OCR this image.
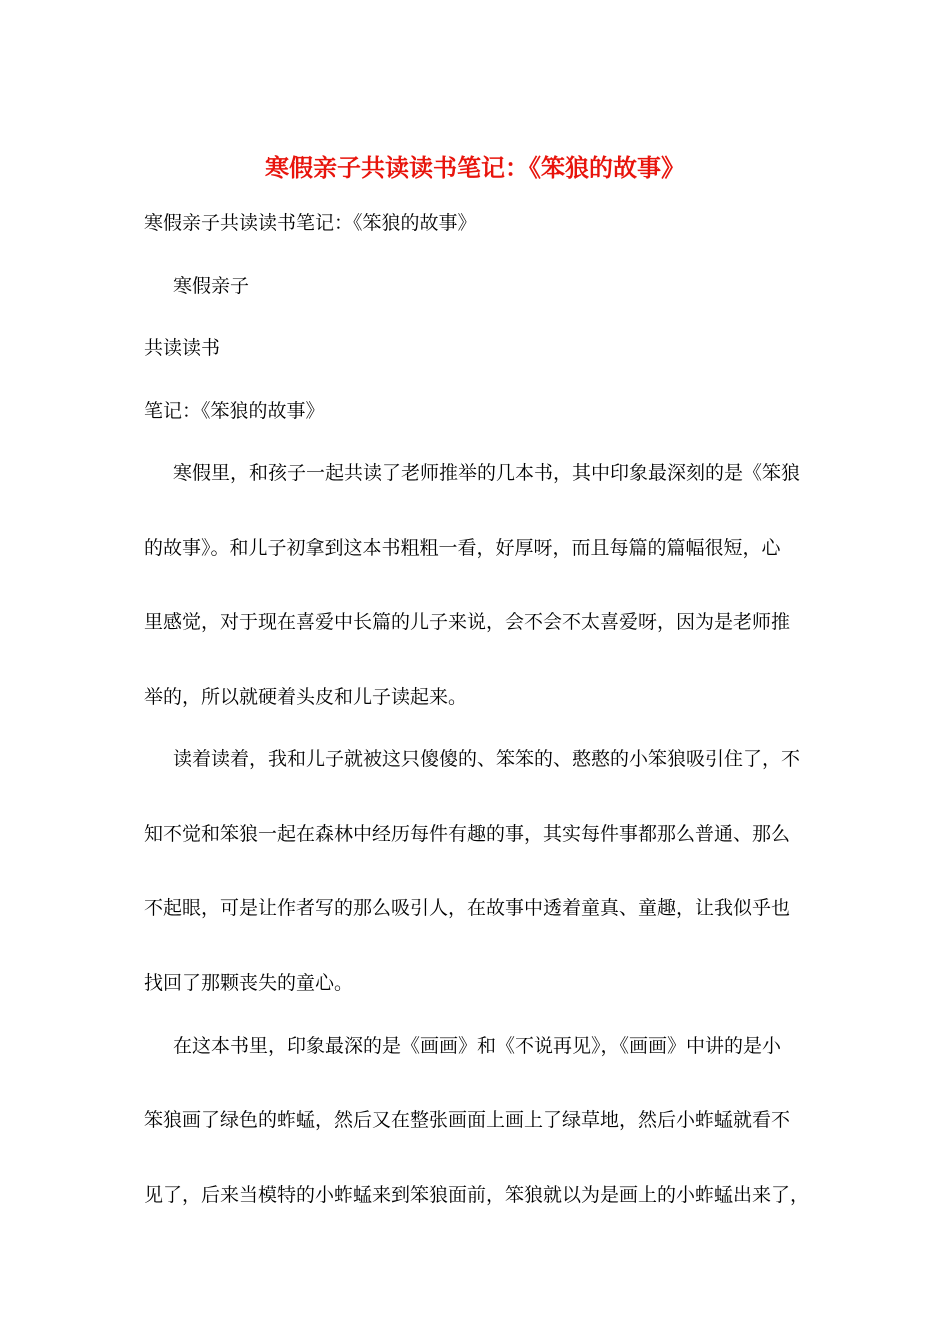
寒假亲子共读读书笔记：《笨狼的故事》
寒假亲子共读读书笔记：《笨狼的故事》
寒假亲子
共读读书
笔记：《笨狼的故事》
寒假里，和孩子一起共读了老师推举的几本书，其中印象最深刻的是《笨狼
的故事》。和儿子初拿到这本书粗粗一看，好厚呀，而且每篇的篇幅很短，心
里感觉，对于现在喜爱中长篇的儿子来说，会不会不太喜爱呀，因为是老师推
举的，所以就硬着头皮和儿子读起来。
读着读着，我和儿子就被这只傻傻的、笨笨的、憨憨的小笨狼吸引住了，不
知不觉和笨狼一起在森林中经历每件有趣的事，其实每件事都那么普通、那么
不起眼，可是让作者写的那么吸引人，在故事中透着童真、童趣，让我似乎也
找回了那颗丧失的童心。
在这本书里，印象最深的是《画画》和《不说再见》，《画画》中讲的是小
笨狼画了绿色的蚱蜢，然后又在整张画面上画上了绿草地，然后小蚱蜢就看不
见了，后来当模特的小蚱蜢来到笨狼面前，笨狼就以为是画上的小蚱蜢出来了，
